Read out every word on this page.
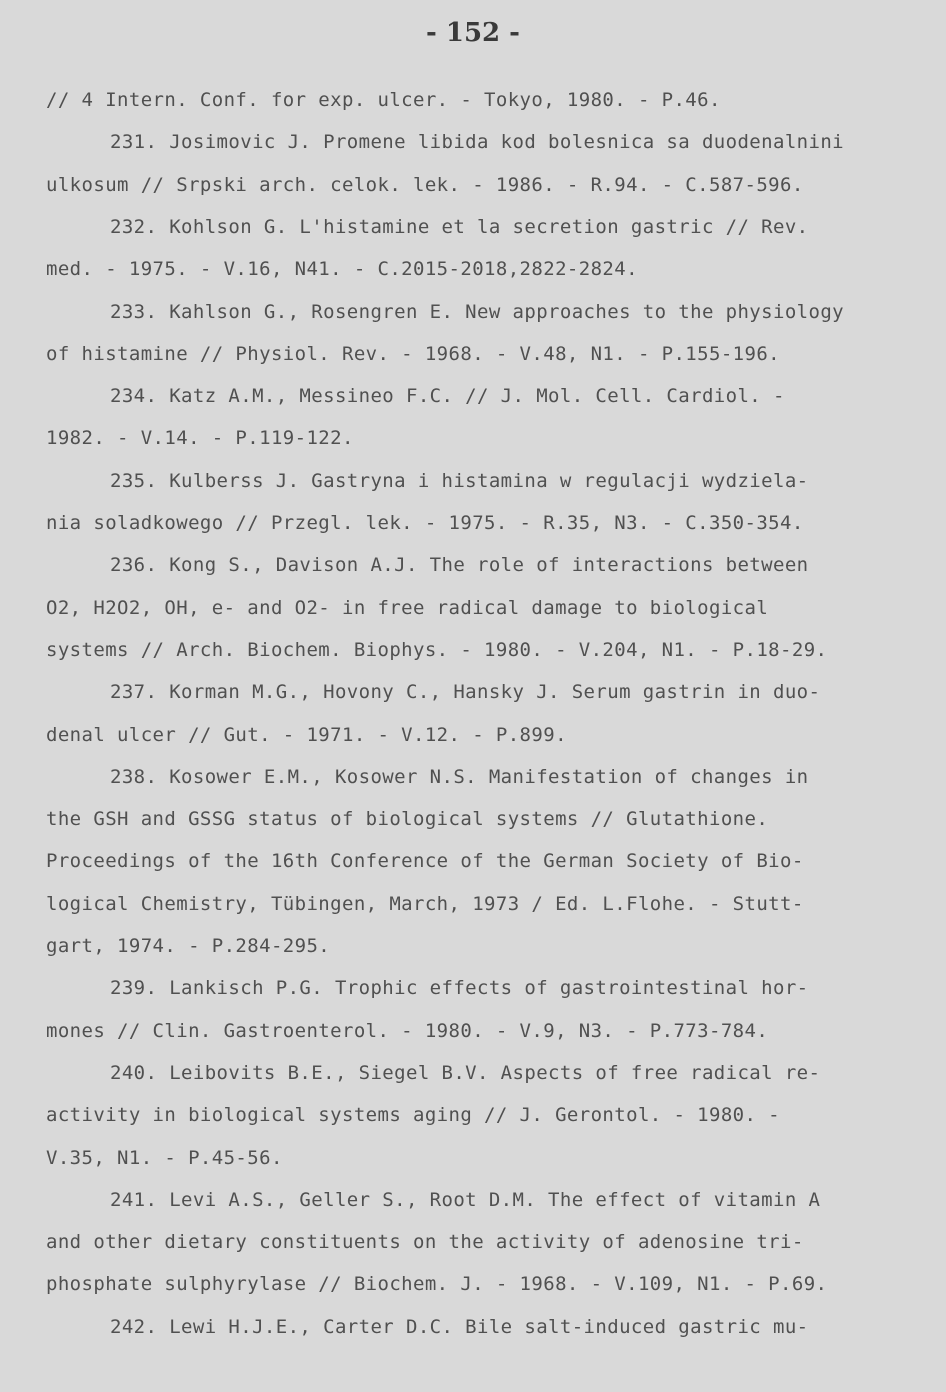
- 152 -
// 4 Intern. Conf. for exp. ulcer. - Tokyo, 1980. - P.46.
231. Josimovic J. Promene libida kod bolesnica sa duodenalnini
ulkosum // Srpski arch. celok. lek. - 1986. - R.94. - C.587-596.
232. Kohlson G. L'histamine et la secretion gastric // Rev.
med. - 1975. - V.16, N41. - C.2015-2018,2822-2824.
233. Kahlson G., Rosengren E. New approaches to the physiology
of histamine // Physiol. Rev. - 1968. - V.48, N1. - P.155-196.
234. Katz A.M., Messineo F.C. // J. Mol. Cell. Cardiol. -
1982. - V.14. - P.119-122.
235. Kulberss J. Gastryna i histamina w regulacji wydziela-
nia soladkowego // Przegl. lek. - 1975. - R.35, N3. - C.350-354.
236. Kong S., Davison A.J. The role of interactions between
O2, H2O2, OH, e- and O2- in free radical damage to biological
systems // Arch. Biochem. Biophys. - 1980. - V.204, N1. - P.18-29.
237. Korman M.G., Hovony C., Hansky J. Serum gastrin in duo-
denal ulcer // Gut. - 1971. - V.12. - P.899.
238. Kosower E.M., Kosower N.S. Manifestation of changes in
the GSH and GSSG status of biological systems // Glutathione.
Proceedings of the 16th Conference of the German Society of Bio-
logical Chemistry, Tübingen, March, 1973 / Ed. L.Flohe. - Stutt-
gart, 1974. - P.284-295.
239. Lankisch P.G. Trophic effects of gastrointestinal hor-
mones // Clin. Gastroenterol. - 1980. - V.9, N3. - P.773-784.
240. Leibovits B.E., Siegel B.V. Aspects of free radical re-
activity in biological systems aging // J. Gerontol. - 1980. -
V.35, N1. - P.45-56.
241. Levi A.S., Geller S., Root D.M. The effect of vitamin A
and other dietary constituents on the activity of adenosine tri-
phosphate sulphyrylase // Biochem. J. - 1968. - V.109, N1. - P.69.
242. Lewi H.J.E., Carter D.C. Bile salt-induced gastric mu-
